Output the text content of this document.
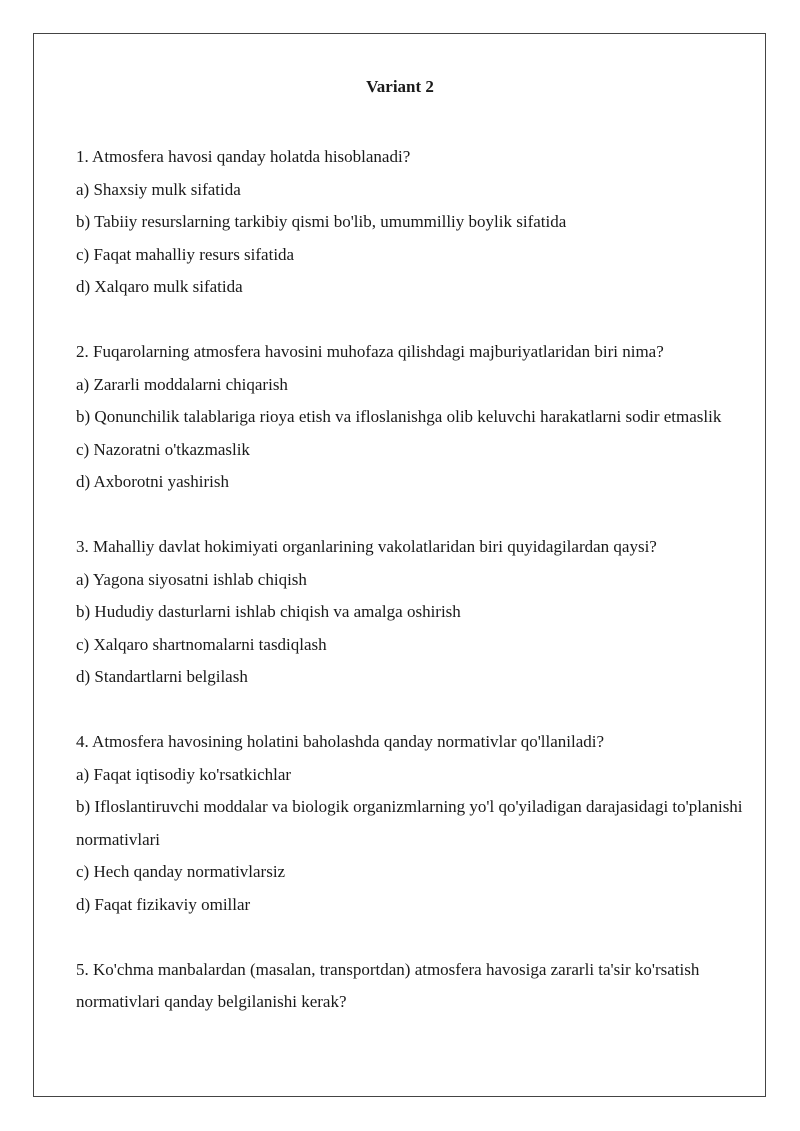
Variant 2

1. Atmosfera havosi qanday holatda hisoblanadi?

a) Shaxsiy mulk sifatida

b) Tabiiy resurslarning tarkibiy qismi bo'lib, umummilliy boylik sifatida

c) Faqat mahalliy resurs sifatida

d) Xalqaro mulk sifatida

2. Fuqarolarning atmosfera havosini muhofaza qilishdagi majburiyatlaridan biri nima?

a) Zararli moddalarni chiqarish

b) Qonunchilik talablariga rioya etish va ifloslanishga olib keluvchi harakatlarni sodir etmaslik

c) Nazoratni o'tkazmaslik

d) Axborotni yashirish

3. Mahalliy davlat hokimiyati organlarining vakolatlaridan biri quyidagilardan qaysi?

a) Yagona siyosatni ishlab chiqish

b) Hududiy dasturlarni ishlab chiqish va amalga oshirish

c) Xalqaro shartnomalarni tasdiqlash

d) Standartlarni belgilash

4. Atmosfera havosining holatini baholashda qanday normativlar qo'llaniladi?

a) Faqat iqtisodiy ko'rsatkichlar

b) Ifloslantiruvchi moddalar va biologik organizmlarning yo'l qo'yiladigan darajasidagi to'planishi normativlari

c) Hech qanday normativlarsiz

d) Faqat fizikaviy omillar

5. Ko'chma manbalardan (masalan, transportdan) atmosfera havosiga zararli ta'sir ko'rsatish normativlari qanday belgilanishi kerak?
